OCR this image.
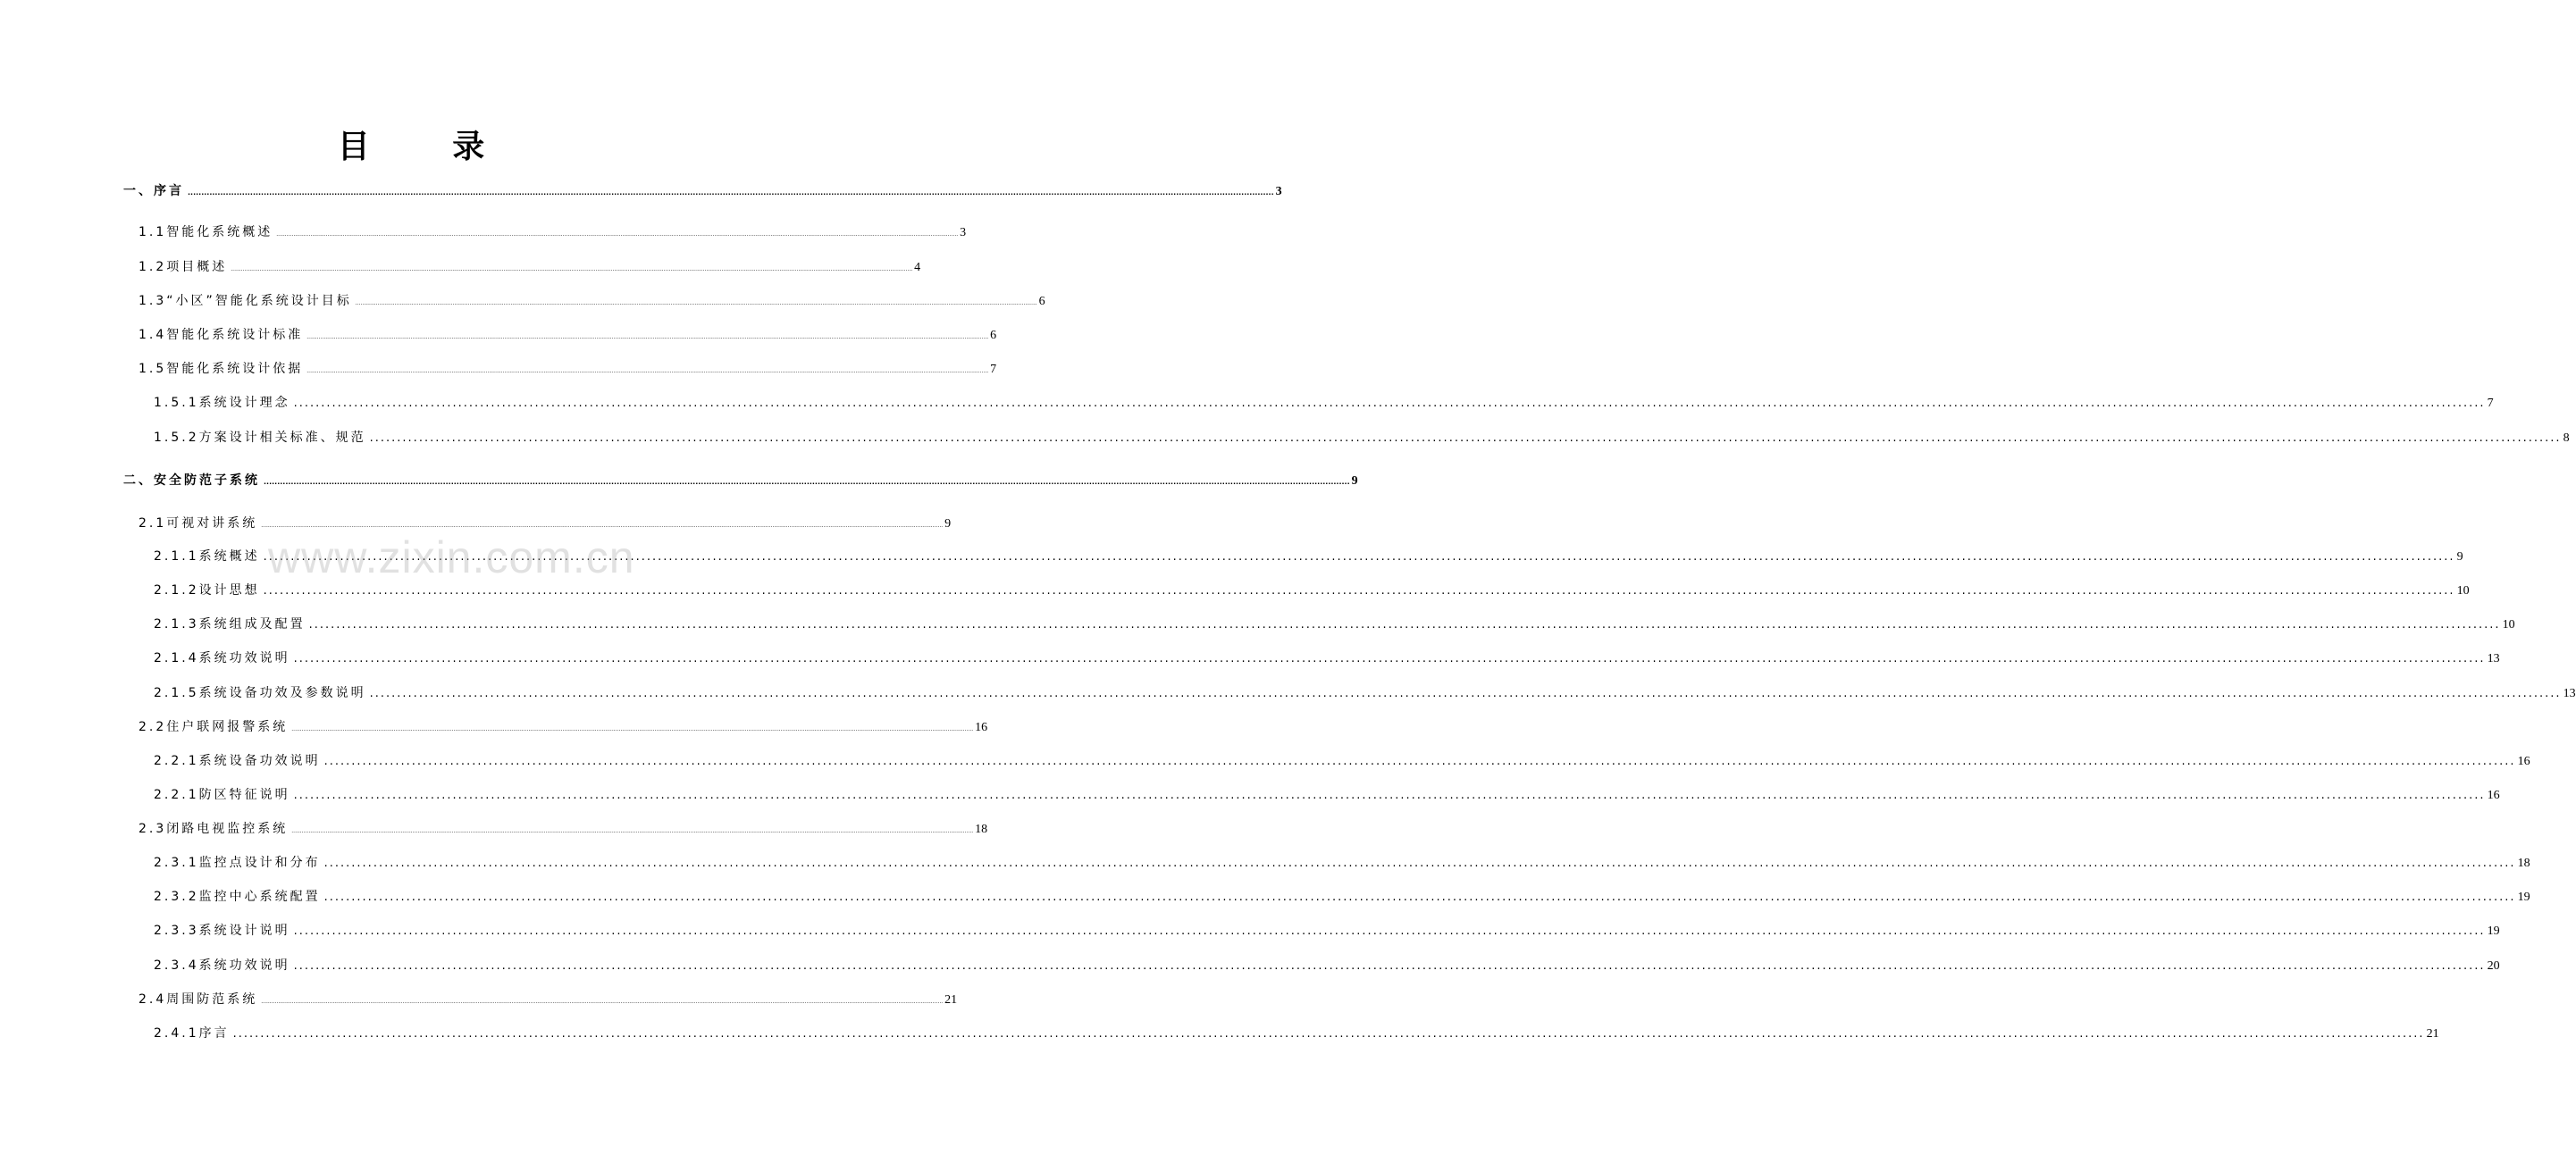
目 录
一、 序言 ................................................................................................................................................................................................................................................................................................................................................................................................................ 3
1.1 智能化系统概述 ................................................................................................................................................................................................................................................................................................................................................................................................................ 3
1.2 项目概述 ................................................................................................................................................................................................................................................................................................................................................................................................................ 4
1.3 “小区”智能化系统设计目标 ................................................................................................................................................................................................................................................................................................................................................................................................................ 6
1.4 智能化系统设计标准 ................................................................................................................................................................................................................................................................................................................................................................................................................ 6
1.5 智能化系统设计依据 ................................................................................................................................................................................................................................................................................................................................................................................................................ 7
1.5.1 系统设计理念 ................................................................................................................................................................................................................................................................................................................................................................................................................ 7
1.5.2 方案设计相关标准、规范 ................................................................................................................................................................................................................................................................................................................................................................................................................ 8
二、 安全防范子系统 ................................................................................................................................................................................................................................................................................................................................................................................................................ 9
2.1 可视对讲系统 ................................................................................................................................................................................................................................................................................................................................................................................................................ 9
2.1.1 系统概述 ................................................................................................................................................................................................................................................................................................................................................................................................................ 9
2.1.2 设计思想 ................................................................................................................................................................................................................................................................................................................................................................................................................ 10
2.1.3 系统组成及配置 ................................................................................................................................................................................................................................................................................................................................................................................................................ 10
2.1.4 系统功效说明 ................................................................................................................................................................................................................................................................................................................................................................................................................ 13
2.1.5 系统设备功效及参数说明 ................................................................................................................................................................................................................................................................................................................................................................................................................ 13
2.2 住户联网报警系统 ................................................................................................................................................................................................................................................................................................................................................................................................................ 16
2.2.1 系统设备功效说明 ................................................................................................................................................................................................................................................................................................................................................................................................................ 16
2.2.1 防区特征说明 ................................................................................................................................................................................................................................................................................................................................................................................................................ 16
2.3 闭路电视监控系统 ................................................................................................................................................................................................................................................................................................................................................................................................................ 18
2.3.1 监控点设计和分布 ................................................................................................................................................................................................................................................................................................................................................................................................................ 18
2.3.2 监控中心系统配置 ................................................................................................................................................................................................................................................................................................................................................................................................................ 19
2.3.3 系统设计说明 ................................................................................................................................................................................................................................................................................................................................................................................................................ 19
2.3.4 系统功效说明 ................................................................................................................................................................................................................................................................................................................................................................................................................ 20
2.4 周围防范系统 ................................................................................................................................................................................................................................................................................................................................................................................................................ 21
2.4.1 序言 ................................................................................................................................................................................................................................................................................................................................................................................................................ 21
www.zixin.com.cn
